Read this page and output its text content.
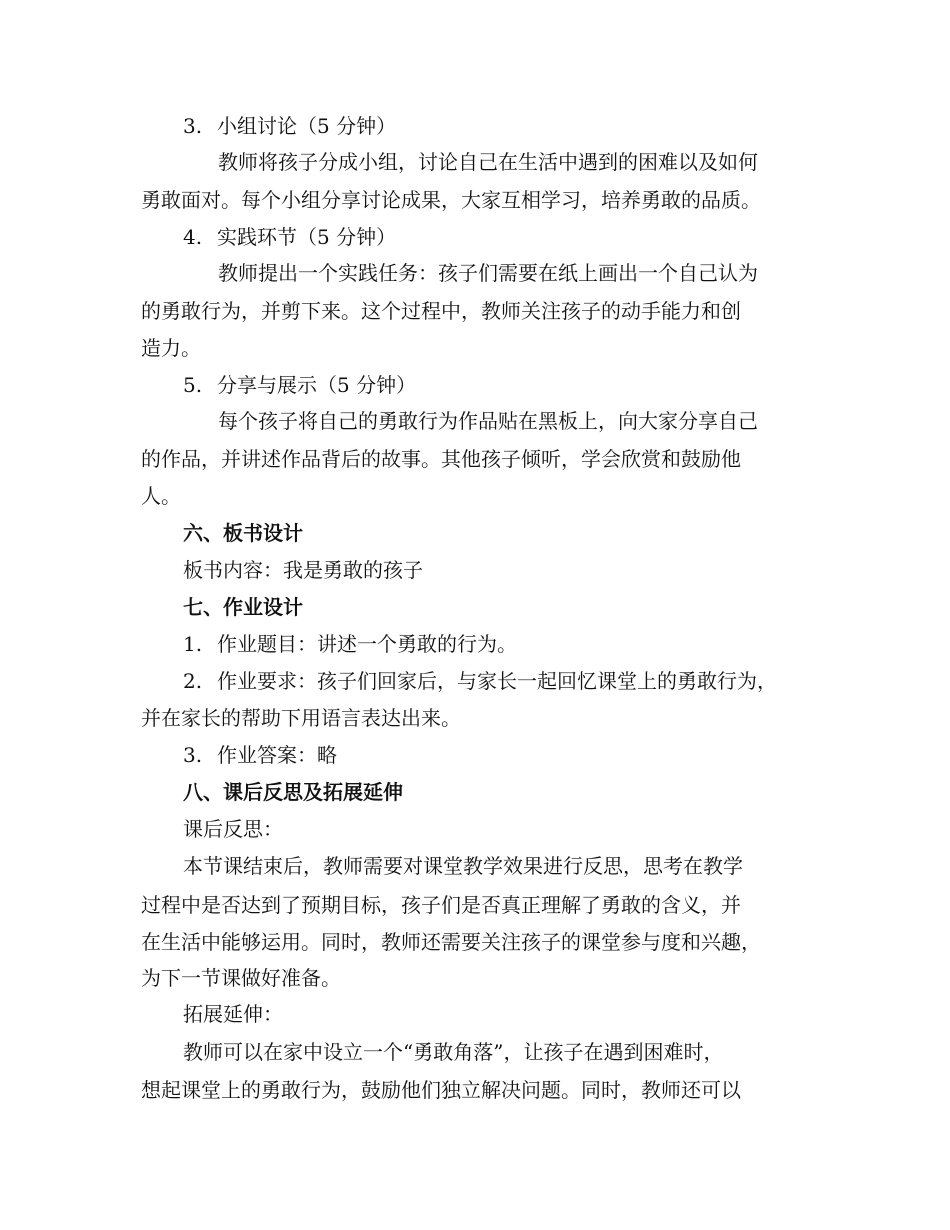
3. 小组讨论（5 分钟）
教师将孩子分成小组，讨论自己在生活中遇到的困难以及如何
勇敢面对。每个小组分享讨论成果，大家互相学习，培养勇敢的品质。
4. 实践环节（5 分钟）
教师提出一个实践任务：孩子们需要在纸上画出一个自己认为
的勇敢行为，并剪下来。这个过程中，教师关注孩子的动手能力和创
造力。
5. 分享与展示（5 分钟）
每个孩子将自己的勇敢行为作品贴在黑板上，向大家分享自己
的作品，并讲述作品背后的故事。其他孩子倾听，学会欣赏和鼓励他
人。
六、板书设计
板书内容：我是勇敢的孩子
七、作业设计
1. 作业题目：讲述一个勇敢的行为。
2. 作业要求：孩子们回家后，与家长一起回忆课堂上的勇敢行为，
并在家长的帮助下用语言表达出来。
3. 作业答案：略
八、课后反思及拓展延伸
课后反思：
本节课结束后，教师需要对课堂教学效果进行反思，思考在教学
过程中是否达到了预期目标，孩子们是否真正理解了勇敢的含义，并
在生活中能够运用。同时，教师还需要关注孩子的课堂参与度和兴趣，
为下一节课做好准备。
拓展延伸：
教师可以在家中设立一个“勇敢角落”，让孩子在遇到困难时，
想起课堂上的勇敢行为，鼓励他们独立解决问题。同时，教师还可以
